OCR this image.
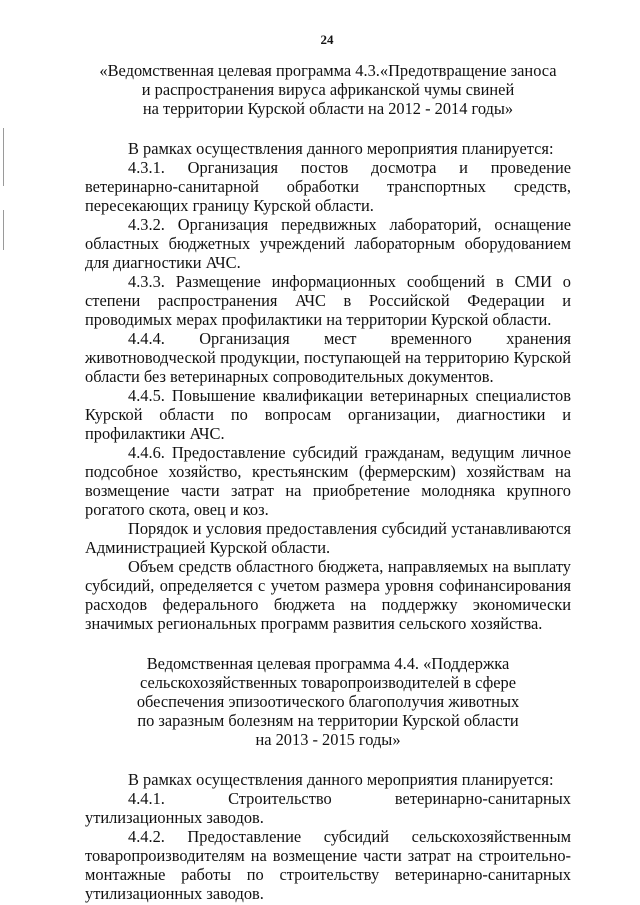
24
«Ведомственная целевая программа 4.3.«Предотвращение заноса
и распространения вируса африканской чумы свиней
на территории Курской области на 2012 - 2014 годы»

В рамках осуществления данного мероприятия планируется:

4.3.1. Организация постов досмотра и проведение ветеринарно-санитарной обработки транспортных средств, пересекающих границу Курской области.

4.3.2. Организация передвижных лабораторий, оснащение областных бюджетных учреждений лабораторным оборудованием для диагностики АЧС.

4.3.3. Размещение информационных сообщений в СМИ о степени распространения АЧС в Российской Федерации и проводимых мерах профилактики на территории Курской области.

4.4.4. Организация мест временного хранения животноводческой продукции, поступающей на территорию Курской области без ветеринарных сопроводительных документов.

4.4.5. Повышение квалификации ветеринарных специалистов Курской области по вопросам организации, диагностики и профилактики АЧС.

4.4.6. Предоставление субсидий гражданам, ведущим личное подсобное хозяйство, крестьянским (фермерским) хозяйствам на возмещение части затрат на приобретение молодняка крупного рогатого скота, овец и коз.

Порядок и условия предоставления субсидий устанавливаются Администрацией Курской области.

Объем средств областного бюджета, направляемых на выплату субсидий, определяется с учетом размера уровня софинансирования расходов федерального бюджета на поддержку экономически значимых региональных программ развития сельского хозяйства.

Ведомственная целевая программа 4.4. «Поддержка
сельскохозяйственных товаропроизводителей в сфере
обеспечения эпизоотического благополучия животных
по заразным болезням на территории Курской области
на 2013 - 2015 годы»

В рамках осуществления данного мероприятия планируется:

4.4.1. Строительство ветеринарно-санитарных утилизационных заводов.

4.4.2. Предоставление субсидий сельскохозяйственным товаропроизводителям на возмещение части затрат на строительно-монтажные работы по строительству ветеринарно-санитарных утилизационных заводов.
